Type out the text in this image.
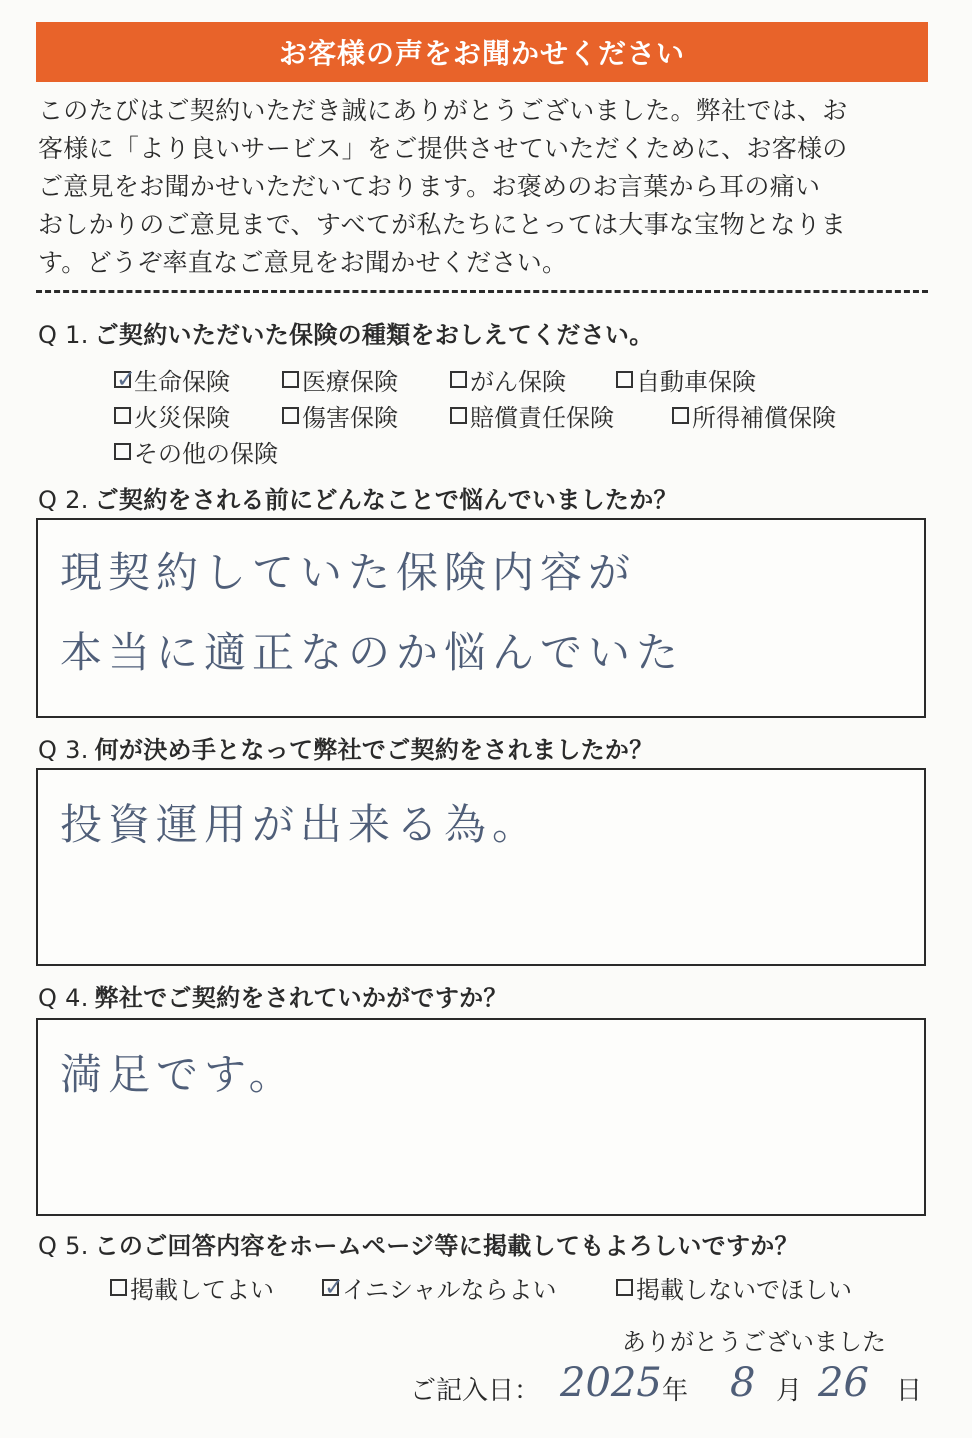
お客様の声をお聞かせください
このたびはご契約いただき誠にありがとうございました。弊社では、お
客様に「より良いサービス」をご提供させていただくために、お客様の
ご意見をお聞かせいただいております。お褒めのお言葉から耳の痛い
おしかりのご意見まで、すべてが私たちにとっては大事な宝物となりま
す。どうぞ率直なご意見をお聞かせください。
Q 1. ご契約いただいた保険の種類をおしえてください。
✓
生命保険	医療保険	がん保険	自動車保険
火災保険	傷害保険	賠償責任保険	所得補償保険
その他の保険
Q 2. ご契約をされる前にどんなことで悩んでいましたか？
現契約していた保険内容が
本当に適正なのか悩んでいた
Q 3. 何が決め手となって弊社でご契約をされましたか？
投資運用が出来る為。
Q 4. 弊社でご契約をされていかがですか？
満足です。
Q 5. このご回答内容をホームページ等に掲載してもよろしいですか？
掲載してよい ✓
イニシャルならよい	掲載しないでほしい
ありがとうございました
ご記入日： 2025 年 8 月 26 日
